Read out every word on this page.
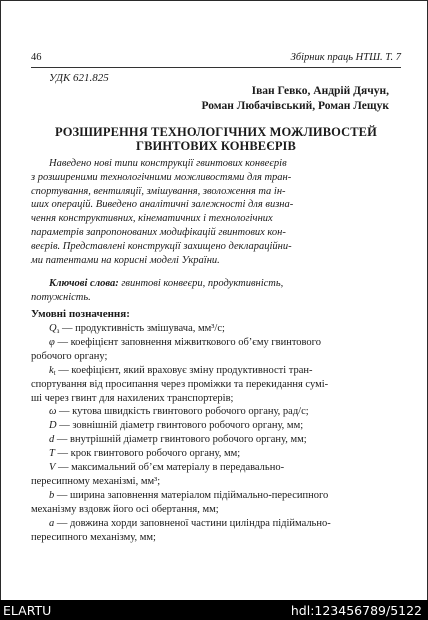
46	Збірник праць НТШ. Т. 7
УДК 621.825
Іван Гевко, Андрій Дячун,
Роман Любачівський, Роман Лещук
РОЗШИРЕННЯ ТЕХНОЛОГІЧНИХ МОЖЛИВОСТЕЙ
ГВИНТОВИХ КОНВЕЄРІВ
Наведено нові типи конструкції гвинтових конвеєрів
з розширеними технологічними можливостями для тран-
спортування, вентиляції, змішування, зволоження та ін-
ших операцій. Виведено аналітичні залежності для визна-
чення конструктивних, кінематичних і технологічних
параметрів запропонованих модифікацій гвинтових кон-
веєрів. Представлені конструкції захищено деклараційни-
ми патентами на корисні моделі України.
Ключові слова: гвинтові конвеєри, продуктивність,
потужність.
Умовні позначення:
$Q_з$ — продуктивність змішувача, мм³/с;
φ — коефіцієнт заповнення міжвиткового об’єму гвинтового
робочого органу;
$k_t$ — коефіцієнт, який враховує зміну продуктивності тран-
спортування від просипання через проміжки та перекидання сумі-
ші через гвинт для нахилених транспортерів;
ω — кутова швидкість гвинтового робочого органу, рад/с;
D — зовнішній діаметр гвинтового робочого органу, мм;
d — внутрішній діаметр гвинтового робочого органу, мм;
T — крок гвинтового робочого органу, мм;
V — максимальний об’єм матеріалу в передавально-
пересипному механізмі, мм³;
b — ширина заповнення матеріалом підіймально-пересипного
механізму вздовж його осі обертання, мм;
a — довжина хорди заповненої частини циліндра підіймально-
пересипного механізму, мм;
ELARTU	hdl:123456789/5122
